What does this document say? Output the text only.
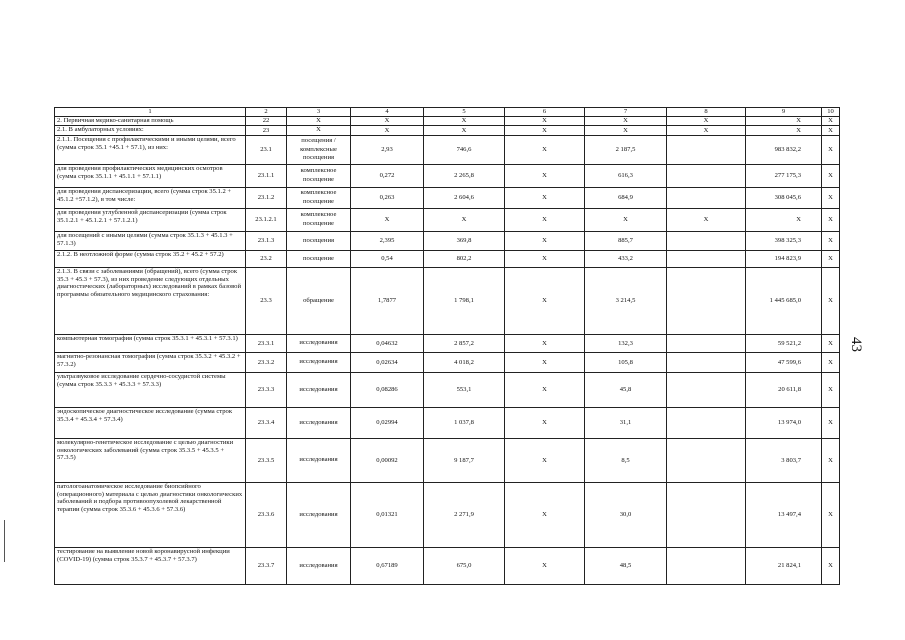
1	2	3	4	5	6	7	8	9	10
2. Первичная медико-санитарная помощь	22	X	X	X	X	X	X	X	X
2.1. В амбулаторных условиях:	23	X	X	X	X	X	X	X	X
2.1.1. Посещения с профилактическими и иными целями, всего (сумма строк 35.1 +45.1 + 57.1), из них:	23.1	посещения / комплексные посещения	2,93	746,6	X	2 187,5		983 832,2	X
для проведения профилактических медицинских осмотров (сумма строк 35.1.1 + 45.1.1 + 57.1.1)	23.1.1	комплексное посещение	0,272	2 265,8	X	616,3		277 175,3	X
для проведения диспансеризации, всего (сумма строк 35.1.2 + 45.1.2 +57.1.2), в том числе:	23.1.2	комплексное посещение	0,263	2 604,6	X	684,9		308 045,6	X
для проведения углубленной диспансеризации (сумма строк 35.1.2.1 + 45.1.2.1 + 57.1.2.1)	23.1.2.1	комплексное посещение	X	X	X	X	X	X	X
для посещений с иными целями (сумма строк 35.1.3 + 45.1.3 + 57.1.3)	23.1.3	посещения	2,395	369,8	X	885,7		398 325,3	X
2.1.2. В неотложной форме (сумма строк 35.2 + 45.2 + 57.2)	23.2	посещение	0,54	802,2	X	433,2		194 823,9	X
2.1.3. В связи с заболеваниями (обращений), всего (сумма строк 35.3 + 45.3 + 57.3), из них проведение следующих отдельных диагностических (лабораторных) исследований в рамках базовой программы обязательного медицинского страхования:	23.3	обращение	1,7877	1 798,1	X	3 214,5		1 445 685,0	X
компьютерная томография (сумма строк 35.3.1 + 45.3.1 + 57.3.1)	23.3.1	исследования	0,04632	2 857,2	X	132,3		59 521,2	X
магнитно-резонансная томография (сумма строк 35.3.2 + 45.3.2 + 57.3.2)	23.3.2	исследования	0,02634	4 018,2	X	105,8		47 599,6	X
ультразвуковое исследование сердечно-сосудистой системы (сумма строк 35.3.3 + 45.3.3 + 57.3.3)	23.3.3	исследования	0,08286	553,1	X	45,8		20 611,8	X
эндоскопическое диагностическое исследование (сумма строк 35.3.4 + 45.3.4 + 57.3.4)	23.3.4	исследования	0,02994	1 037,8	X	31,1		13 974,0	X
молекулярно-генетическое исследование с целью диагностики онкологических заболеваний (сумма строк 35.3.5 + 45.3.5 + 57.3.5)	23.3.5	исследования	0,00092	9 187,7	X	8,5		3 803,7	X
патологоанатомическое исследование биопсийного (операционного) материала с целью диагностики онкологических заболеваний и подбора противоопухолевой лекарственной терапии (сумма строк 35.3.6 + 45.3.6 + 57.3.6)	23.3.6	исследования	0,01321	2 271,9	X	30,0		13 497,4	X
тестирование на выявление новой коронавирусной инфекции (COVID-19) (сумма строк 35.3.7 + 45.3.7 + 57.3.7)	23.3.7	исследования	0,67189	675,0	X	48,5		21 824,1	X
43
